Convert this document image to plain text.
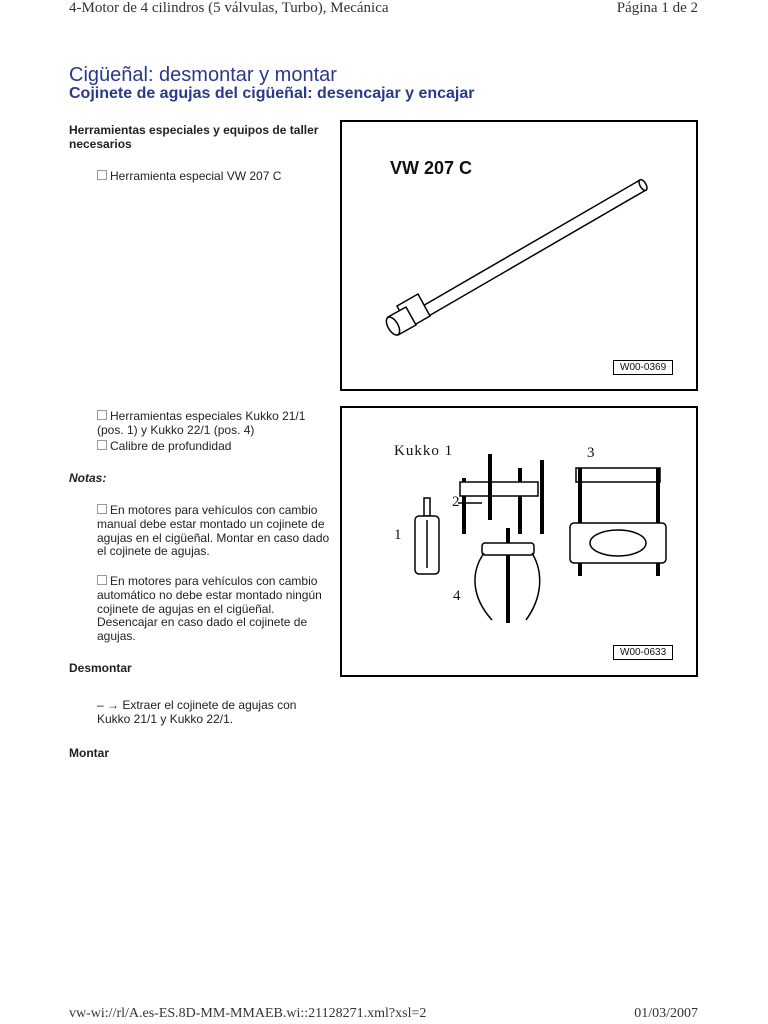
4-Motor de 4 cilindros (5 válvulas, Turbo), Mecánica	Página 1 de 2
Cigüeñal: desmontar y montar
Cojinete de agujas del cigüeñal: desencajar y encajar
Herramientas especiales y equipos de taller necesarios
Herramienta especial VW 207 C	VW 207 C
W00-0369
Herramientas especiales Kukko 21/1 (pos. 1) y Kukko 22/1 (pos. 4)
Calibre de profundidad
Notas:
En motores para vehículos con cambio manual debe estar montado un cojinete de agujas en el cigüeñal. Montar en caso dado el cojinete de agujas.
En motores para vehículos con cambio automático no debe estar montado ningún cojinete de agujas en el cigüeñal. Desencajar en caso dado el cojinete de agujas.
Kukko 1	3
2
1
4
W00-0633
Desmontar
– → Extraer el cojinete de agujas con Kukko 21/1 y Kukko 22/1.
Montar
vw-wi://rl/A.es-ES.8D-MM-MMAEB.wi::21128271.xml?xsl=2	01/03/2007
